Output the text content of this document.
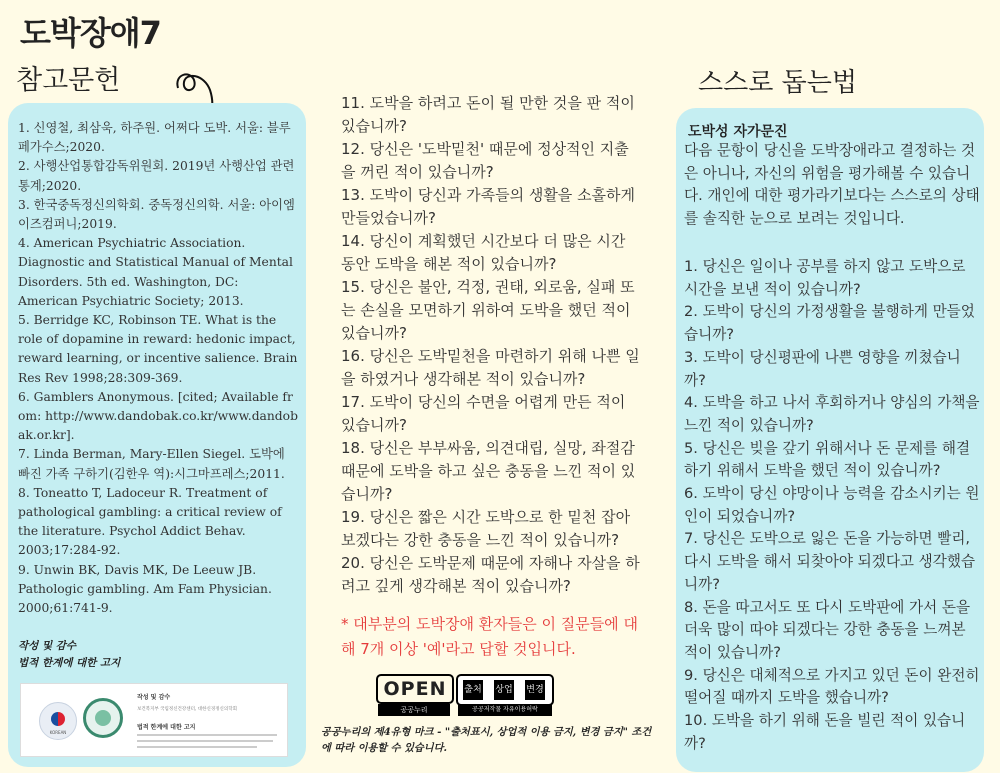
도박장애7
참고문헌	스스로 돕는법
1. 신영철, 최삼욱, 하주원. 어쩌다 도박. 서울: 블루페가수스;2020.
2. 사행산업통합감독위원회. 2019년 사행산업 관련 통계;2020.
3. 한국중독정신의학회. 중독정신의학. 서울: 아이엠이즈컴퍼니;2019.
4. American Psychiatric Association. Diagnostic and Statistical Manual of Mental Disorders. 5th ed. Washington, DC: American Psychiatric Society; 2013.
5. Berridge KC, Robinson TE. What is the role of dopamine in reward: hedonic impact, reward learning, or incentive salience. Brain Res Rev 1998;28:309-369.
6. Gamblers Anonymous. [cited; Available from: http://www.dandobak.co.kr/www.dandobak.or.kr].
7. Linda Berman, Mary-Ellen Siegel. 도박에 빠진 가족 구하기(김한우 역):시그마프레스;2011.
8. Toneatto T, Ladoceur R. Treatment of pathological gambling: a critical review of the literature. Psychol Addict Behav. 2003;17:284-92.
9. Unwin BK, Davis MK, De Leeuw JB. Pathologic gambling. Am Fam Physician. 2000;61:741-9.
작성 및 감수
법적 한계에 대한 고지
KOREAN
작성 및 감수
보건복지부 국립정신건강센터, 대한신경정신의학회
법적 한계에 대한 고지
11. 도박을 하려고 돈이 될 만한 것을 판 적이 있습니까?
12. 당신은 '도박밑천' 때문에 정상적인 지출을 꺼린 적이 있습니까?
13. 도박이 당신과 가족들의 생활을 소홀하게 만들었습니까?
14. 당신이 계획했던 시간보다 더 많은 시간 동안 도박을 해본 적이 있습니까?
15. 당신은 불안, 걱정, 권태, 외로움, 실패 또는 손실을 모면하기 위하여 도박을 했던 적이 있습니까?
16. 당신은 도박밑천을 마련하기 위해 나쁜 일을 하였거나 생각해본 적이 있습니까?
17. 도박이 당신의 수면을 어렵게 만든 적이 있습니까?
18. 당신은 부부싸움, 의견대립, 실망, 좌절감 때문에 도박을 하고 싶은 충동을 느낀 적이 있습니까?
19. 당신은 짧은 시간 도박으로 한 밑천 잡아 보겠다는 강한 충동을 느낀 적이 있습니까?
20. 당신은 도박문제 때문에 자해나 자살을 하려고 깊게 생각해본 적이 있습니까?
* 대부분의 도박장애 환자들은 이 질문들에 대해 7개 이상 '예'라고 답할 것입니다.
OPEN
공공누리
출처 상업 변경
공공저작물 자유이용허락
공공누리의 제4유형 마크 - "출처표시, 상업적 이용 금지, 변경 금지" 조건에 따라 이용할 수 있습니다.
도박성 자가문진
다음 문항이 당신을 도박장애라고 결정하는 것은 아니나, 자신의 위험을 평가해볼 수 있습니다. 개인에 대한 평가라기보다는 스스로의 상태를 솔직한 눈으로 보려는 것입니다.
1. 당신은 일이나 공부를 하지 않고 도박으로 시간을 보낸 적이 있습니까?
2. 도박이 당신의 가정생활을 불행하게 만들었습니까?
3. 도박이 당신평판에 나쁜 영향을 끼쳤습니까?
4. 도박을 하고 나서 후회하거나 양심의 가책을 느낀 적이 있습니까?
5. 당신은 빚을 갚기 위해서나 돈 문제를 해결하기 위해서 도박을 했던 적이 있습니까?
6. 도박이 당신 야망이나 능력을 감소시키는 원인이 되었습니까?
7. 당신은 도박으로 잃은 돈을 가능하면 빨리, 다시 도박을 해서 되찾아야 되겠다고 생각했습니까?
8. 돈을 따고서도 또 다시 도박판에 가서 돈을 더욱 많이 따야 되겠다는 강한 충동을 느껴본 적이 있습니까?
9. 당신은 대체적으로 가지고 있던 돈이 완전히 떨어질 때까지 도박을 했습니까?
10. 도박을 하기 위해 돈을 빌린 적이 있습니까?
